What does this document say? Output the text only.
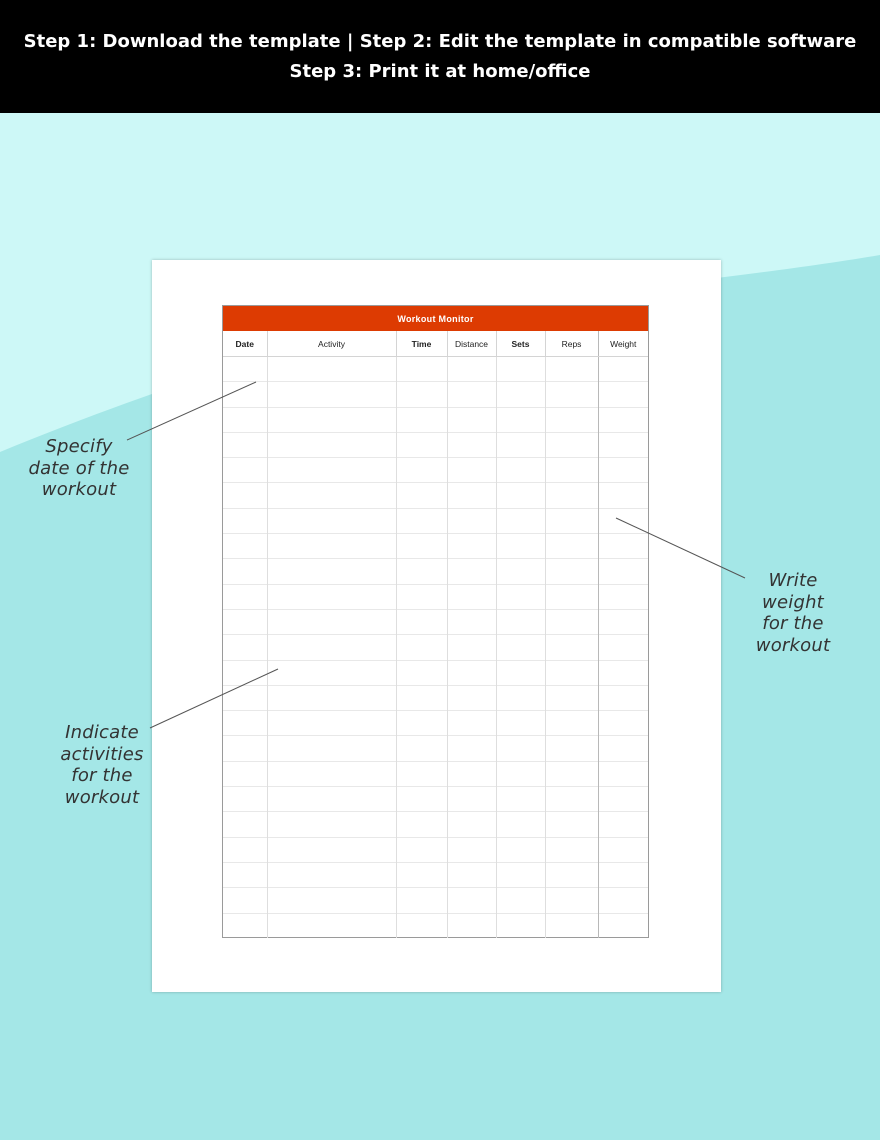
Step 1: Download the template | Step 2: Edit the template in compatible software
Step 3: Print it at home/office
Workout Monitor
Date	Activity	Time	Distance	Sets	Reps	Weight

Specify
date of the
workout
Indicate
activities
for the
workout
Write
weight
for the
workout
